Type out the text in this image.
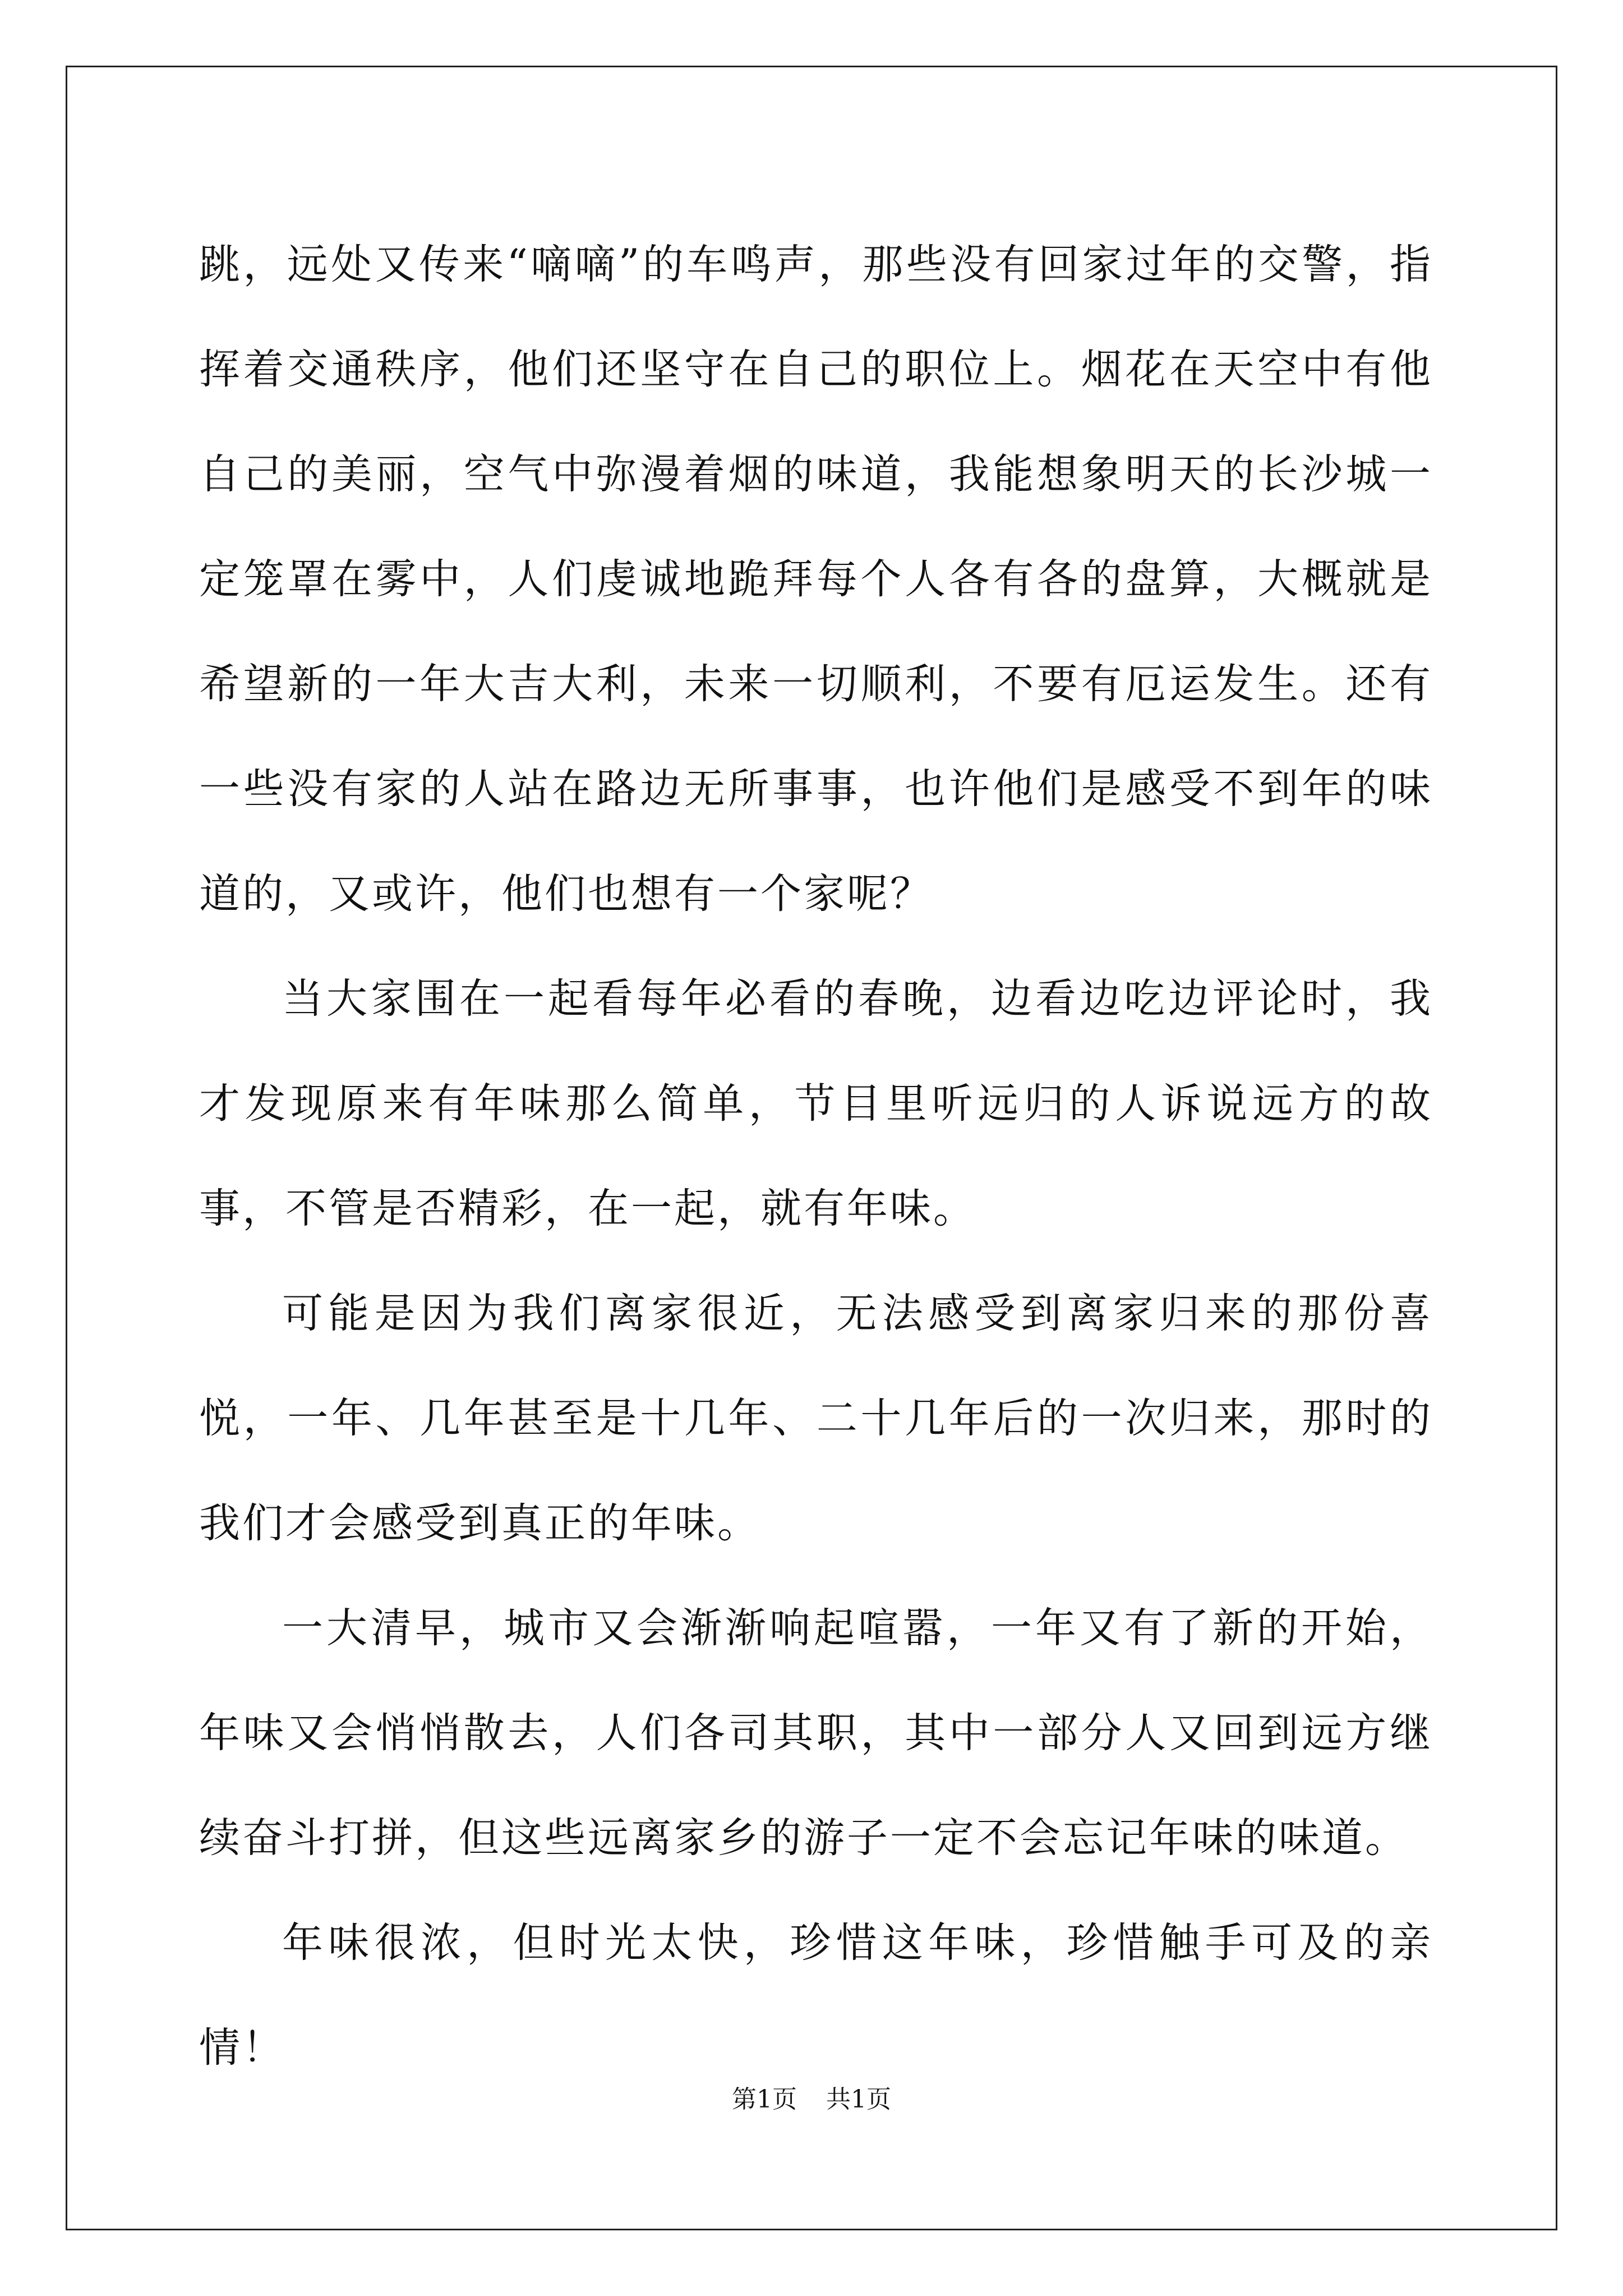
跳，远处又传来“嘀嘀”的车鸣声，那些没有回家过年的交警，指挥着交通秩序，他们还坚守在自己的职位上。烟花在天空中有他自己的美丽，空气中弥漫着烟的味道，我能想象明天的长沙城一定笼罩在雾中，人们虔诚地跪拜每个人各有各的盘算，大概就是希望新的一年大吉大利，未来一切顺利，不要有厄运发生。还有一些没有家的人站在路边无所事事，也许他们是感受不到年的味道的，又或许，他们也想有一个家呢？

当大家围在一起看每年必看的春晚，边看边吃边评论时，我才发现原来有年味那么简单，节目里听远归的人诉说远方的故事，不管是否精彩，在一起，就有年味。

可能是因为我们离家很近，无法感受到离家归来的那份喜悦，一年、几年甚至是十几年、二十几年后的一次归来，那时的我们才会感受到真正的年味。

一大清早，城市又会渐渐响起喧嚣，一年又有了新的开始，年味又会悄悄散去，人们各司其职，其中一部分人又回到远方继续奋斗打拼，但这些远离家乡的游子一定不会忘记年味的味道。

年味很浓，但时光太快，珍惜这年味，珍惜触手可及的亲情！

第1页 共1页
